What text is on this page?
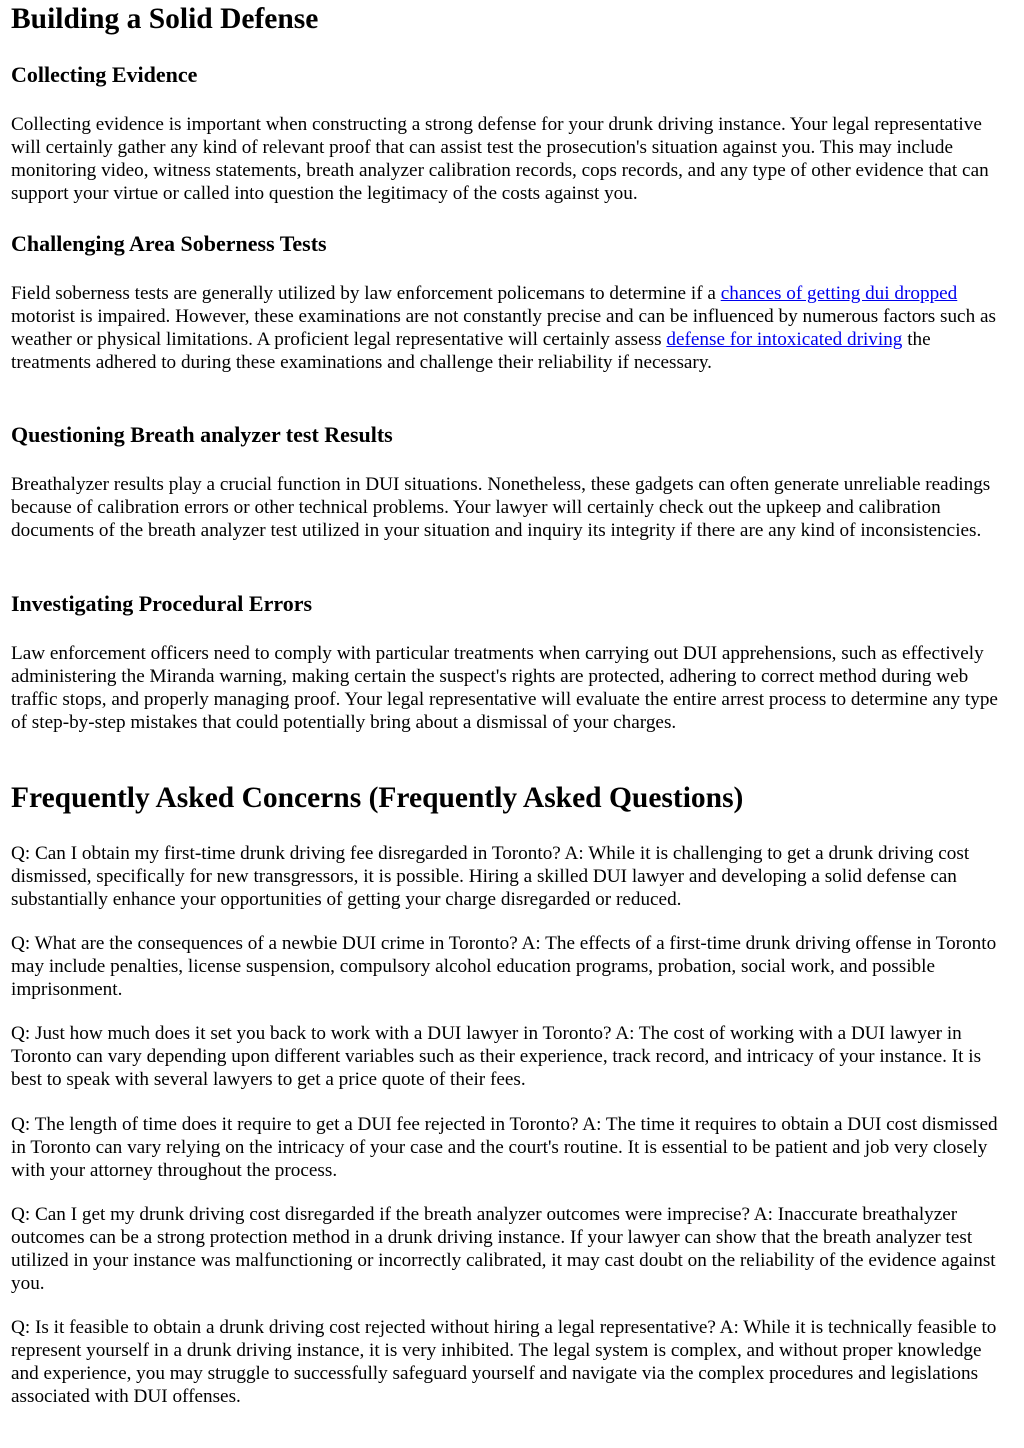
Building a Solid Defense
Collecting Evidence

Collecting evidence is important when constructing a strong defense for your drunk driving instance. Your legal representative will certainly gather any kind of relevant proof that can assist test the prosecution's situation against you. This may include monitoring video, witness statements, breath analyzer calibration records, cops records, and any type of other evidence that can support your virtue or called into question the legitimacy of the costs against you.

Challenging Area Soberness Tests

Field soberness tests are generally utilized by law enforcement policemans to determine if a chances of getting dui dropped motorist is impaired. However, these examinations are not constantly precise and can be influenced by numerous factors such as weather or physical limitations. A proficient legal representative will certainly assess defense for intoxicated driving the treatments adhered to during these examinations and challenge their reliability if necessary.

Questioning Breath analyzer test Results

Breathalyzer results play a crucial function in DUI situations. Nonetheless, these gadgets can often generate unreliable readings because of calibration errors or other technical problems. Your lawyer will certainly check out the upkeep and calibration documents of the breath analyzer test utilized in your situation and inquiry its integrity if there are any kind of inconsistencies.

Investigating Procedural Errors

Law enforcement officers need to comply with particular treatments when carrying out DUI apprehensions, such as effectively administering the Miranda warning, making certain the suspect's rights are protected, adhering to correct method during web traffic stops, and properly managing proof. Your legal representative will evaluate the entire arrest process to determine any type of step-by-step mistakes that could potentially bring about a dismissal of your charges.

Frequently Asked Concerns (Frequently Asked Questions)

Q: Can I obtain my first-time drunk driving fee disregarded in Toronto? A: While it is challenging to get a drunk driving cost dismissed, specifically for new transgressors, it is possible. Hiring a skilled DUI lawyer and developing a solid defense can substantially enhance your opportunities of getting your charge disregarded or reduced.

Q: What are the consequences of a newbie DUI crime in Toronto? A: The effects of a first-time drunk driving offense in Toronto may include penalties, license suspension, compulsory alcohol education programs, probation, social work, and possible imprisonment.

Q: Just how much does it set you back to work with a DUI lawyer in Toronto? A: The cost of working with a DUI lawyer in Toronto can vary depending upon different variables such as their experience, track record, and intricacy of your instance. It is best to speak with several lawyers to get a price quote of their fees.

Q: The length of time does it require to get a DUI fee rejected in Toronto? A: The time it requires to obtain a DUI cost dismissed in Toronto can vary relying on the intricacy of your case and the court's routine. It is essential to be patient and job very closely with your attorney throughout the process.

Q: Can I get my drunk driving cost disregarded if the breath analyzer outcomes were imprecise? A: Inaccurate breathalyzer outcomes can be a strong protection method in a drunk driving instance. If your lawyer can show that the breath analyzer test utilized in your instance was malfunctioning or incorrectly calibrated, it may cast doubt on the reliability of the evidence against you.

Q: Is it feasible to obtain a drunk driving cost rejected without hiring a legal representative? A: While it is technically feasible to represent yourself in a drunk driving instance, it is very inhibited. The legal system is complex, and without proper knowledge and experience, you may struggle to successfully safeguard yourself and navigate via the complex procedures and legislations associated with DUI offenses.
